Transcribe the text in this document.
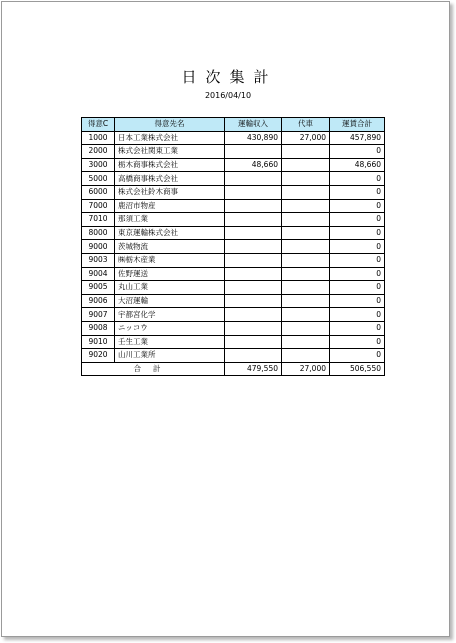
日次集計
2016/04/10
得意C	得意先名	運輸収入	代車	運賃合計
1000	日本工業株式会社	430,890	27,000	457,890
2000	株式会社関東工業			0
3000	栃木商事株式会社	48,660		48,660
5000	高橋商事株式会社			0
6000	株式会社鈴木商事			0
7000	鹿沼市物産			0
7010	那須工業			0
8000	東京運輸株式会社			0
9000	茨城物流			0
9003	㈱栃木産業			0
9004	佐野運送			0
9005	丸山工業			0
9006	大沼運輸			0
9007	宇都宮化学			0
9008	ニッコウ			0
9010	壬生工業			0
9020	山川工業所			0
合計		479,550	27,000	506,550
